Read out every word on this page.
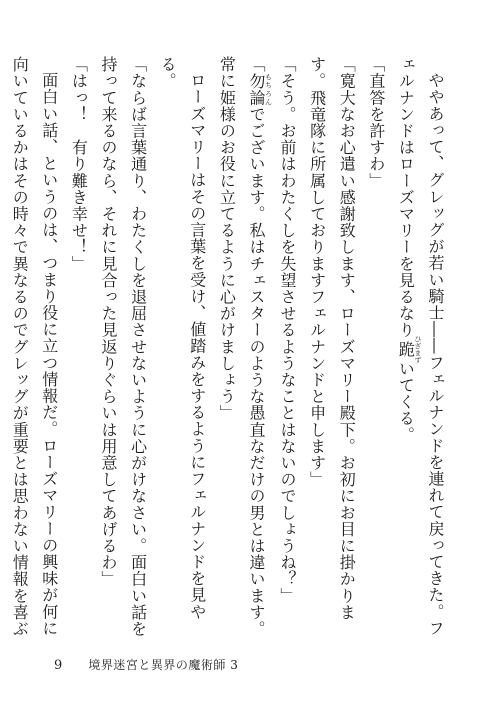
ややあって、グレッグが若い騎士――フェルナンドを連れて戻ってきた。フェルナンドはローズマリーを見るなり跪ひざまずいてくる。

「直答を許すわ」

「寛大なお心遣い感謝致します、ローズマリー殿下。お初にお目に掛かります。飛竜隊に所属しておりますフェルナンドと申します」

「そう。お前はわたくしを失望させるようなことはないのでしょうね？」

「勿論もちろんでございます。私はチェスターのような愚直なだけの男とは違います。常に姫様のお役に立てるように心がけましょう」

ローズマリーはその言葉を受け、値踏みをするようにフェルナンドを見やる。

「ならば言葉通り、わたくしを退屈させないように心がけなさい。面白い話を持って来るのなら、それに見合った見返りぐらいは用意してあげるわ」

「はっ！　有り難き幸せ！」

面白い話、というのは、つまり役に立つ情報だ。ローズマリーの興味が何に向いているかはその時々で異なるのでグレッグが重要とは思わない情報を喜ぶ

9 境界迷宮と異界の魔術師 3
